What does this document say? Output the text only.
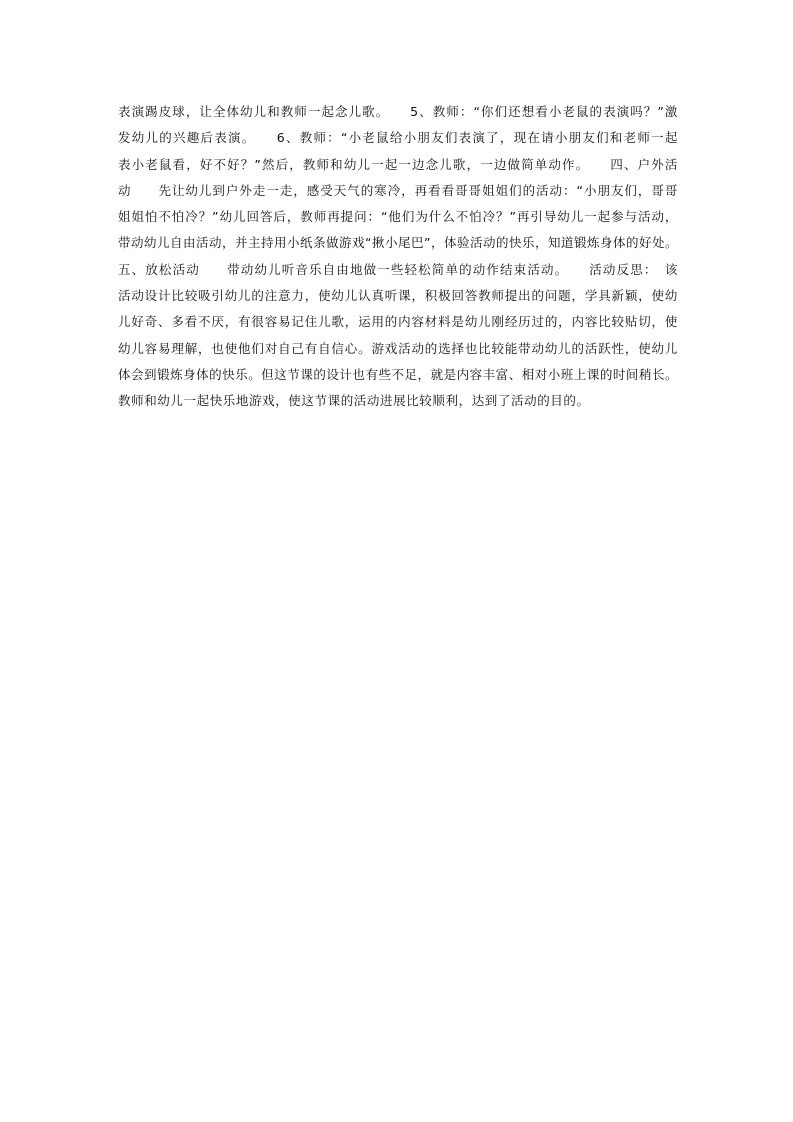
表演踢皮球，让全体幼儿和教师一起念儿歌。　　5、教师：“你们还想看小老鼠的表演吗？”激
发幼儿的兴趣后表演。　　6、教师：“小老鼠给小朋友们表演了，现在请小朋友们和老师一起
表小老鼠看，好不好？”然后，教师和幼儿一起一边念儿歌，一边做简单动作。　　四、户外活
动　　先让幼儿到户外走一走，感受天气的寒冷，再看看哥哥姐姐们的活动：“小朋友们，哥哥
姐姐怕不怕冷？”幼儿回答后，教师再提问：“他们为什么不怕冷？”再引导幼儿一起参与活动，
带动幼儿自由活动，并主持用小纸条做游戏“揪小尾巴”，体验活动的快乐，知道锻炼身体的好处。
五、放松活动　　带动幼儿听音乐自由地做一些轻松简单的动作结束活动。　　活动反思：　该
活动设计比较吸引幼儿的注意力，使幼儿认真听课，积极回答教师提出的问题，学具新颖，使幼
儿好奇、多看不厌，有很容易记住儿歌，运用的内容材料是幼儿刚经历过的，内容比较贴切，使
幼儿容易理解，也使他们对自己有自信心。游戏活动的选择也比较能带动幼儿的活跃性，使幼儿
体会到锻炼身体的快乐。但这节课的设计也有些不足，就是内容丰富、相对小班上课的时间稍长。
教师和幼儿一起快乐地游戏，使这节课的活动进展比较顺利，达到了活动的目的。
